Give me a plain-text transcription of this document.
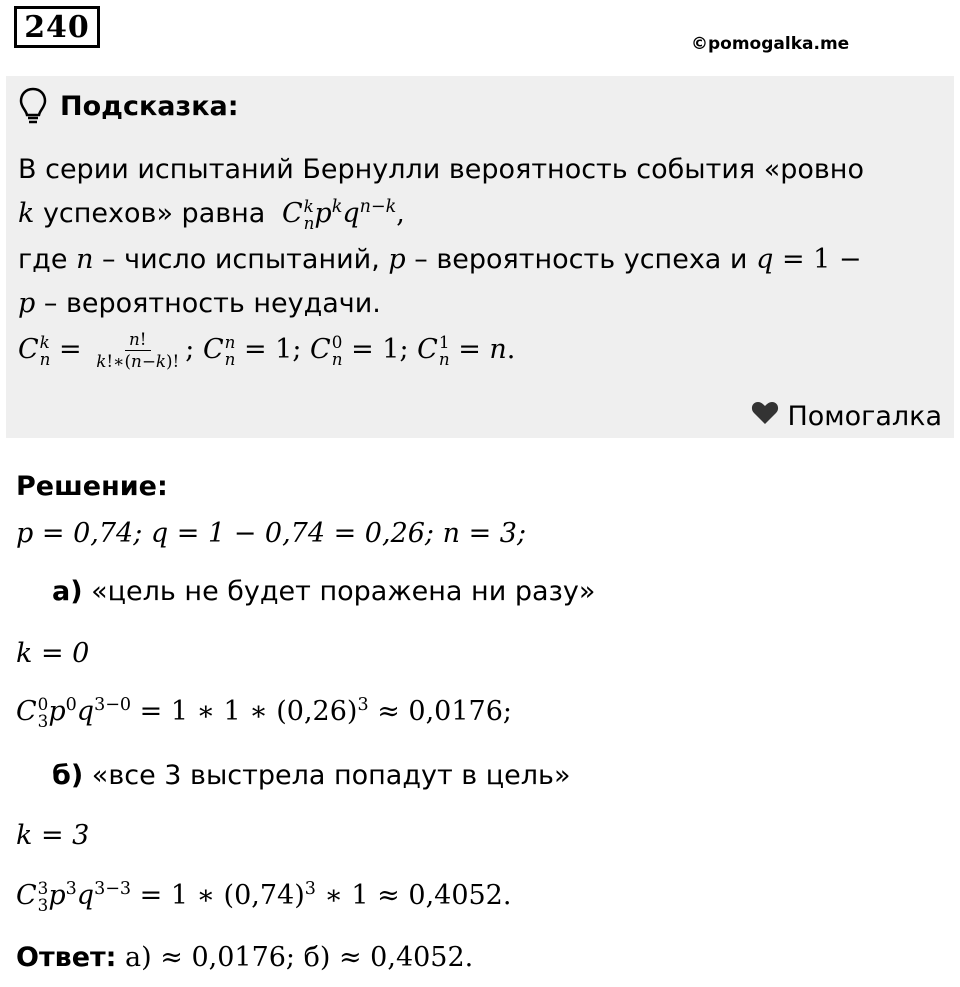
240	©pomogalka.me
Подсказка:
В серии испытаний Бернулли вероятность события «ровно
k успехов» равна C k
n $p^kq^{n-k}$,
где n – число испытаний, p – вероятность успеха и q = 1 −
p – вероятность неудачи.
C k
$n = \frac{n!}{k!∗(n-k)!}$ ; C n
n = 1; C 0
n = 1; C 1
n = n.
Помогалка
Решение:
p = 0,74; q = 1 − 0,74 = 0,26; n = 3;
а) «цель не будет поражена ни разу»
k = 0
C 0
3 $p^0q^{3-0} = 1$ ∗ 1 ∗ $(0,26)^3 \approx 0,0176$;
б) «все 3 выстрела попадут в цель»
k = 3
C 3
3 $p^3q^{3-3} = 1$ ∗ $(0,74)^3$ ∗ 1 ≈ 0,4052.
Ответ: а) ≈ 0,0176; б) ≈ 0,4052.
